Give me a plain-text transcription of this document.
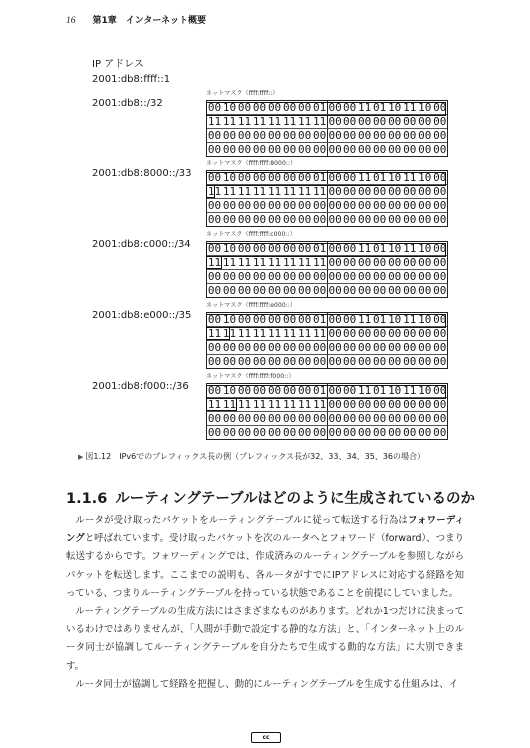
16 第1章　インターネット概要
IP アドレス
2001:db8:ffff::1
2001:db8::/32
ネットマスク（ffff:ffff::）
00 10 00 00 00 00 00 01 00 00 11 01 10 11 10 00
11 11 11 11 11 11 11 11 00 00 00 00 00 00 00 00
00 00 00 00 00 00 00 00 00 00 00 00 00 00 00 00
00 00 00 00 00 00 00 00 00 00 00 00 00 00 00 00
2001:db8:8000::/33
ネットマスク（ffff:ffff:8000::）
00 10 00 00 00 00 00 01 00 00 11 01 10 11 10 00
11 11 11 11 11 11 11 11 00 00 00 00 00 00 00 00
00 00 00 00 00 00 00 00 00 00 00 00 00 00 00 00
00 00 00 00 00 00 00 00 00 00 00 00 00 00 00 00
2001:db8:c000::/34
ネットマスク（ffff:ffff:c000::）
00 10 00 00 00 00 00 01 00 00 11 01 10 11 10 00
11 11 11 11 11 11 11 11 00 00 00 00 00 00 00 00
00 00 00 00 00 00 00 00 00 00 00 00 00 00 00 00
00 00 00 00 00 00 00 00 00 00 00 00 00 00 00 00
2001:db8:e000::/35
ネットマスク（ffff:ffff:e000::）
00 10 00 00 00 00 00 01 00 00 11 01 10 11 10 00
11 11 11 11 11 11 11 11 00 00 00 00 00 00 00 00
00 00 00 00 00 00 00 00 00 00 00 00 00 00 00 00
00 00 00 00 00 00 00 00 00 00 00 00 00 00 00 00
2001:db8:f000::/36
ネットマスク（ffff:ffff:f000::）
00 10 00 00 00 00 00 01 00 00 11 01 10 11 10 00
11 11 11 11 11 11 11 11 00 00 00 00 00 00 00 00
00 00 00 00 00 00 00 00 00 00 00 00 00 00 00 00
00 00 00 00 00 00 00 00 00 00 00 00 00 00 00 00
▶ 図1.12　IPv6でのプレフィックス長の例（プレフィックス長が32、33、34、35、36の場合）
1.1.6 ルーティングテーブルはどのように生成されているのか

ルータが受け取ったパケットをルーティングテーブルに従って転送する行為はフォワーディングと呼ばれています。受け取ったパケットを次のルータへとフォワード（forward）、つまり転送するからです。フォワーディングでは、作成済みのルーティングテーブルを参照しながらパケットを転送します。ここまでの説明も、各ルータがすでにIPアドレスに対応する経路を知っている、つまりルーティングテーブルを持っている状態であることを前提にしていました。

ルーティングテーブルの生成方法にはさまざまなものがあります。どれか1つだけに決まっているわけではありませんが、「人間が手動で設定する静的な方法」と、「インターネット上のルータ同士が協調してルーティングテーブルを自分たちで生成する動的な方法」に大別できます。

ルータ同士が協調して経路を把握し、動的にルーティングテーブルを生成する仕組みは、イ

cc
